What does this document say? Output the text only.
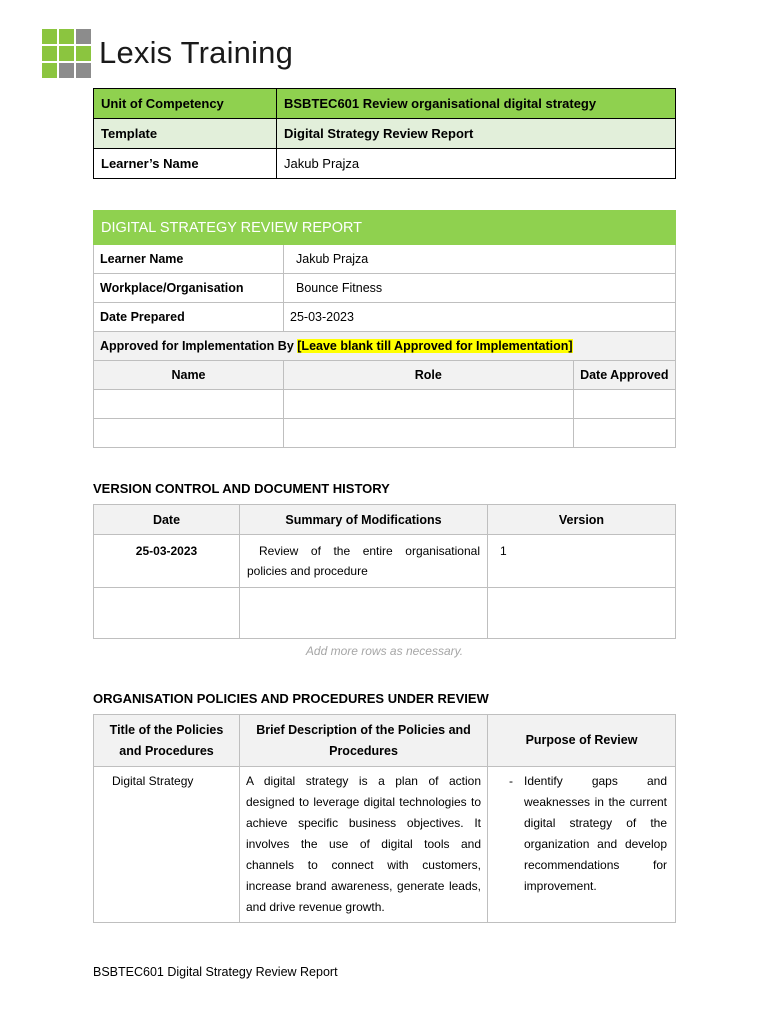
Lexis Training
Unit of Competency	BSBTEC601 Review organisational digital strategy
Template	Digital Strategy Review Report
Learner’s Name	Jakub Prajza
DIGITAL STRATEGY REVIEW REPORT		
Learner Name	Jakub Prajza	
Workplace/Organisation	Bounce Fitness	
Date Prepared	25-03-2023	
Approved for Implementation By [Leave blank till Approved for Implementation]		
Name	Role	Date Approved

VERSION CONTROL AND DOCUMENT HISTORY
Date	Summary of Modifications	Version
25-03-2023	Review of the entire organisational policies and procedure	1

Add more rows as necessary.
ORGANISATION POLICIES AND PROCEDURES UNDER REVIEW
Title of the Policies and Procedures	Brief Description of the Policies and Procedures	Purpose of Review
Digital Strategy	A digital strategy is a plan of action designed to leverage digital technologies to achieve specific business objectives. It involves the use of digital tools and channels to connect with customers, increase brand awareness, generate leads, and drive revenue growth.	- Identify gaps and weaknesses in the current digital strategy of the organization and develop recommendations for improvement.
BSBTEC601 Digital Strategy Review Report
